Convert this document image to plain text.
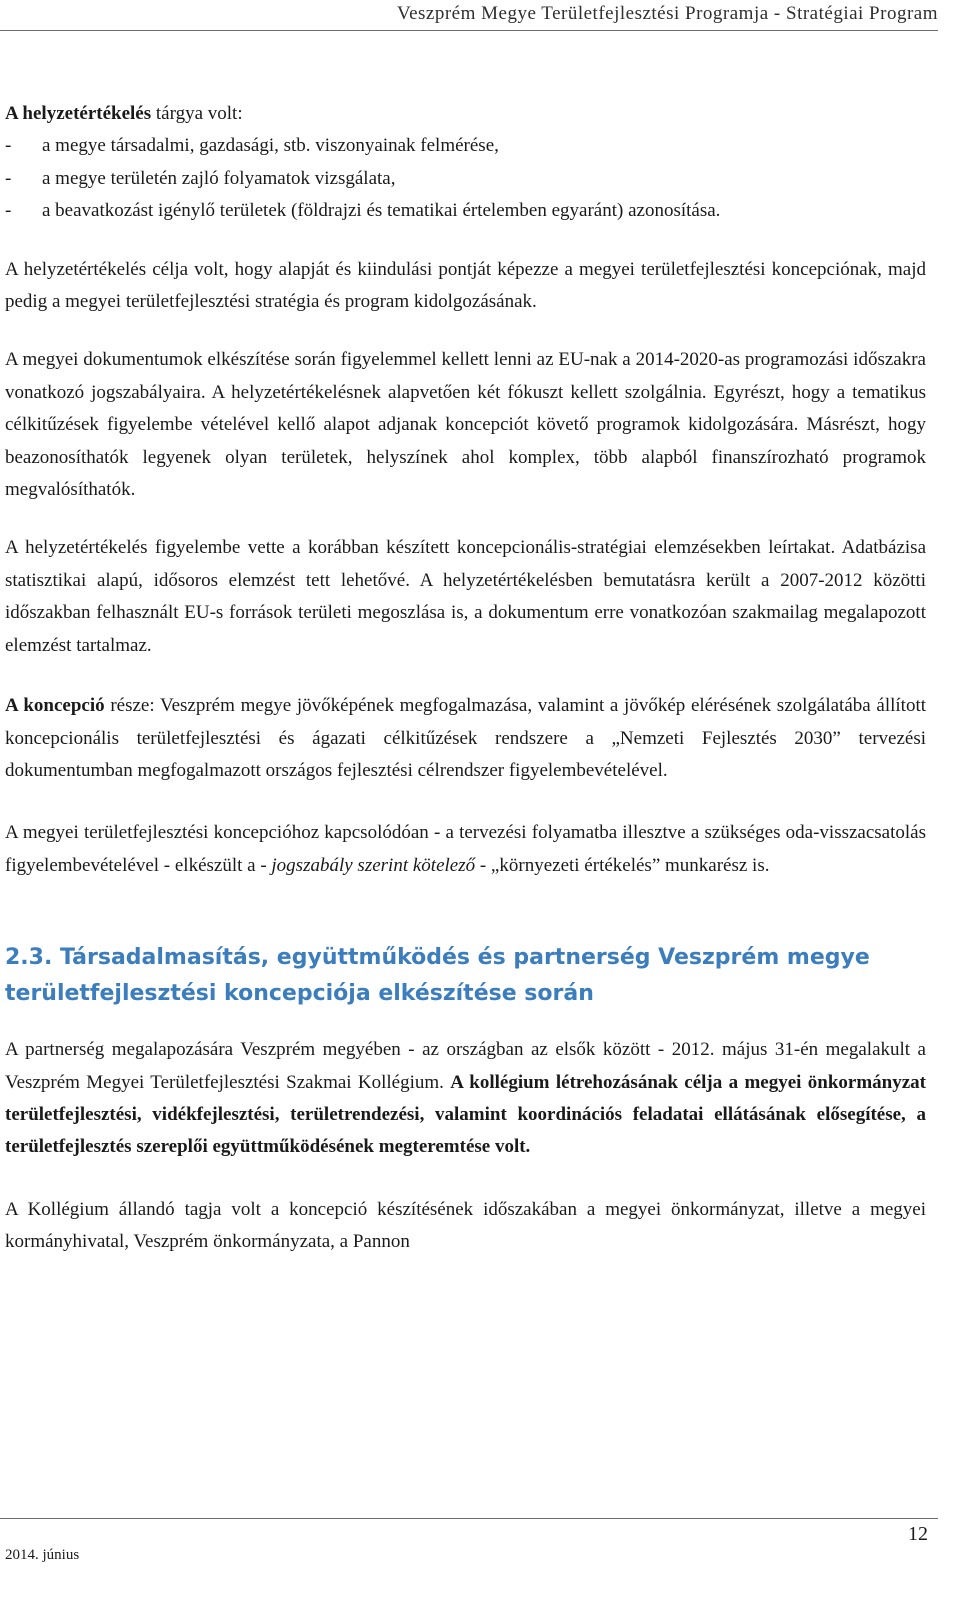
Veszprém Megye Területfejlesztési Programja - Stratégiai Program

A helyzetértékelés tárgya volt:

- a megye társadalmi, gazdasági, stb. viszonyainak felmérése,
- a megye területén zajló folyamatok vizsgálata,
- a beavatkozást igénylő területek (földrajzi és tematikai értelemben egyaránt) azonosítása.

A helyzetértékelés célja volt, hogy alapját és kiindulási pontját képezze a megyei területfejlesztési koncepciónak, majd pedig a megyei területfejlesztési stratégia és program kidolgozásának.

A megyei dokumentumok elkészítése során figyelemmel kellett lenni az EU-nak a 2014-2020-as programozási időszakra vonatkozó jogszabályaira. A helyzetértékelésnek alapvetően két fókuszt kellett szolgálnia. Egyrészt, hogy a tematikus célkitűzések figyelembe vételével kellő alapot adjanak koncepciót követő programok kidolgozására. Másrészt, hogy beazonosíthatók legyenek olyan területek, helyszínek ahol komplex, több alapból finanszírozható programok megvalósíthatók.

A helyzetértékelés figyelembe vette a korábban készített koncepcionális-stratégiai elemzésekben leírtakat. Adatbázisa statisztikai alapú, idősoros elemzést tett lehetővé. A helyzetértékelésben bemutatásra került a 2007-2012 közötti időszakban felhasznált EU-s források területi megoszlása is, a dokumentum erre vonatkozóan szakmailag megalapozott elemzést tartalmaz.

A koncepció része: Veszprém megye jövőképének megfogalmazása, valamint a jövőkép elérésének szolgálatába állított koncepcionális területfejlesztési és ágazati célkitűzések rendszere a „Nemzeti Fejlesztés 2030” tervezési dokumentumban megfogalmazott országos fejlesztési célrendszer figyelembevételével.

A megyei területfejlesztési koncepcióhoz kapcsolódóan - a tervezési folyamatba illesztve a szükséges oda-visszacsatolás figyelembevételével - elkészült a - jogszabály szerint kötelező - „környezeti értékelés” munkarész is.

2.3. Társadalmasítás, együttműködés és partnerség Veszprém megye területfejlesztési koncepciója elkészítése során

A partnerség megalapozására Veszprém megyében - az országban az elsők között - 2012. május 31-én megalakult a Veszprém Megyei Területfejlesztési Szakmai Kollégium. A kollégium létrehozásának célja a megyei önkormányzat területfejlesztési, vidékfejlesztési, területrendezési, valamint koordinációs feladatai ellátásának elősegítése, a területfejlesztés szereplői együttműködésének megteremtése volt.

A Kollégium állandó tagja volt a koncepció készítésének időszakában a megyei önkormányzat, illetve a megyei kormányhivatal, Veszprém önkormányzata, a Pannon

2014. június
12
